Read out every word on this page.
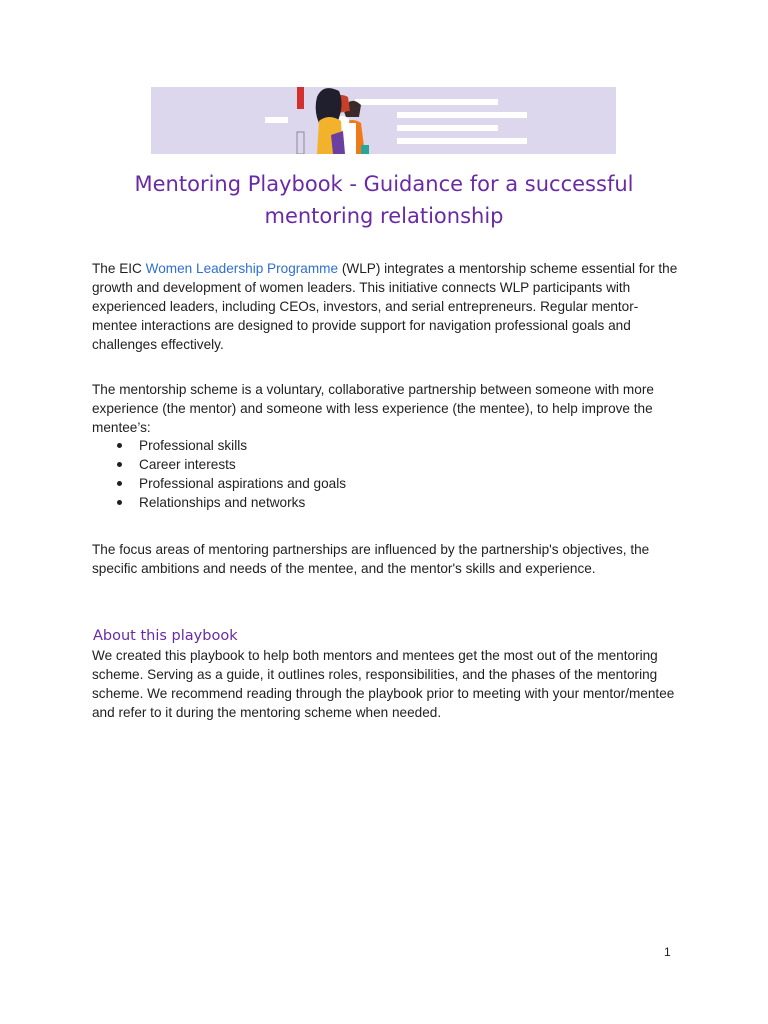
Mentoring Playbook - Guidance for a successful
mentoring relationship

The EIC Women Leadership Programme (WLP) integrates a mentorship scheme essential for the growth and development of women leaders. This initiative connects WLP participants with experienced leaders, including CEOs, investors, and serial entrepreneurs. Regular mentor-mentee interactions are designed to provide support for navigation professional goals and challenges effectively.

The mentorship scheme is a voluntary, collaborative partnership between someone with more experience (the mentor) and someone with less experience (the mentee), to help improve the mentee’s:

Professional skills
Career interests
Professional aspirations and goals
Relationships and networks

The focus areas of mentoring partnerships are influenced by the partnership's objectives, the specific ambitions and needs of the mentee, and the mentor's skills and experience.

About this playbook

We created this playbook to help both mentors and mentees get the most out of the mentoring scheme. Serving as a guide, it outlines roles, responsibilities, and the phases of the mentoring scheme. We recommend reading through the playbook prior to meeting with your mentor/mentee and refer to it during the mentoring scheme when needed.

1
